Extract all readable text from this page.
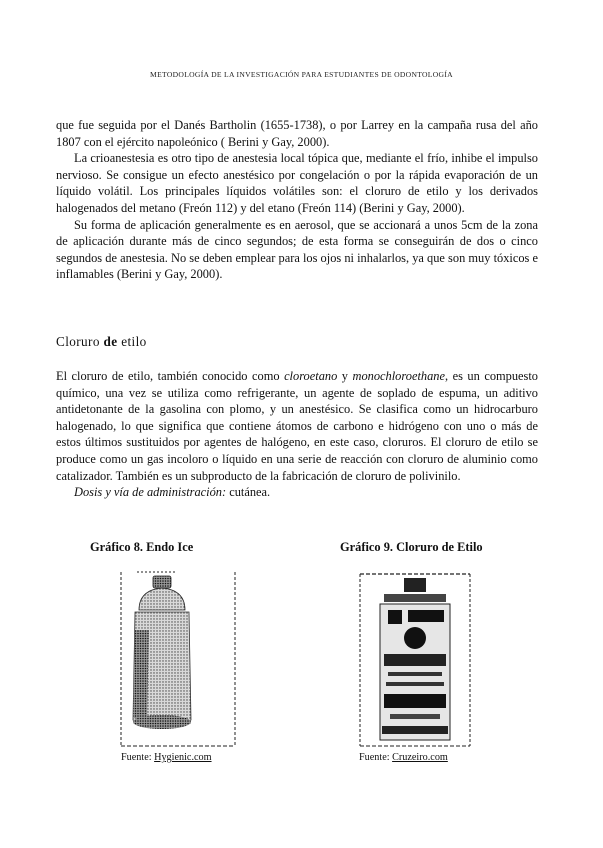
METODOLOGÍA DE LA INVESTIGACIÓN PARA ESTUDIANTES DE ODONTOLOGÍA

que fue seguida por el Danés Bartholin (1655-1738), o por Larrey en la campaña rusa del año 1807 con el ejército napoleónico ( Berini y Gay, 2000).

La crioanestesia es otro tipo de anestesia local tópica que, mediante el frío, inhibe el impulso nervioso. Se consigue un efecto anestésico por congelación o por la rápida evaporación de un líquido volátil. Los principales líquidos volátiles son: el cloruro de etilo y los derivados halogenados del metano (Freón 112) y del etano (Freón 114) (Berini y Gay, 2000).

Su forma de aplicación generalmente es en aerosol, que se accionará a unos 5cm de la zona de aplicación durante más de cinco segundos; de esta forma se conseguirán de dos o cinco segundos de anestesia. No se deben emplear para los ojos ni inhalarlos, ya que son muy tóxicos e inflamables (Berini y Gay, 2000).

Cloruro de etilo

El cloruro de etilo, también conocido como cloroetano y monochloroethane, es un compuesto químico, una vez se utiliza como refrigerante, un agente de soplado de espuma, un aditivo antidetonante de la gasolina con plomo, y un anestésico. Se clasifica como un hidrocarburo halogenado, lo que significa que contiene átomos de carbono e hidrógeno con uno o más de estos últimos sustituidos por agentes de halógeno, en este caso, cloruros. El cloruro de etilo se produce como un gas incoloro o líquido en una serie de reacción con cloruro de aluminio como catalizador. También es un subproducto de la fabricación de cloruro de polivinilo.

Dosis y vía de administración: cutánea.

Gráfico 8. Endo Ice	Gráfico 9. Cloruro de Etilo
Fuente: Hygienic.com	Fuente: Cruzeiro.com
